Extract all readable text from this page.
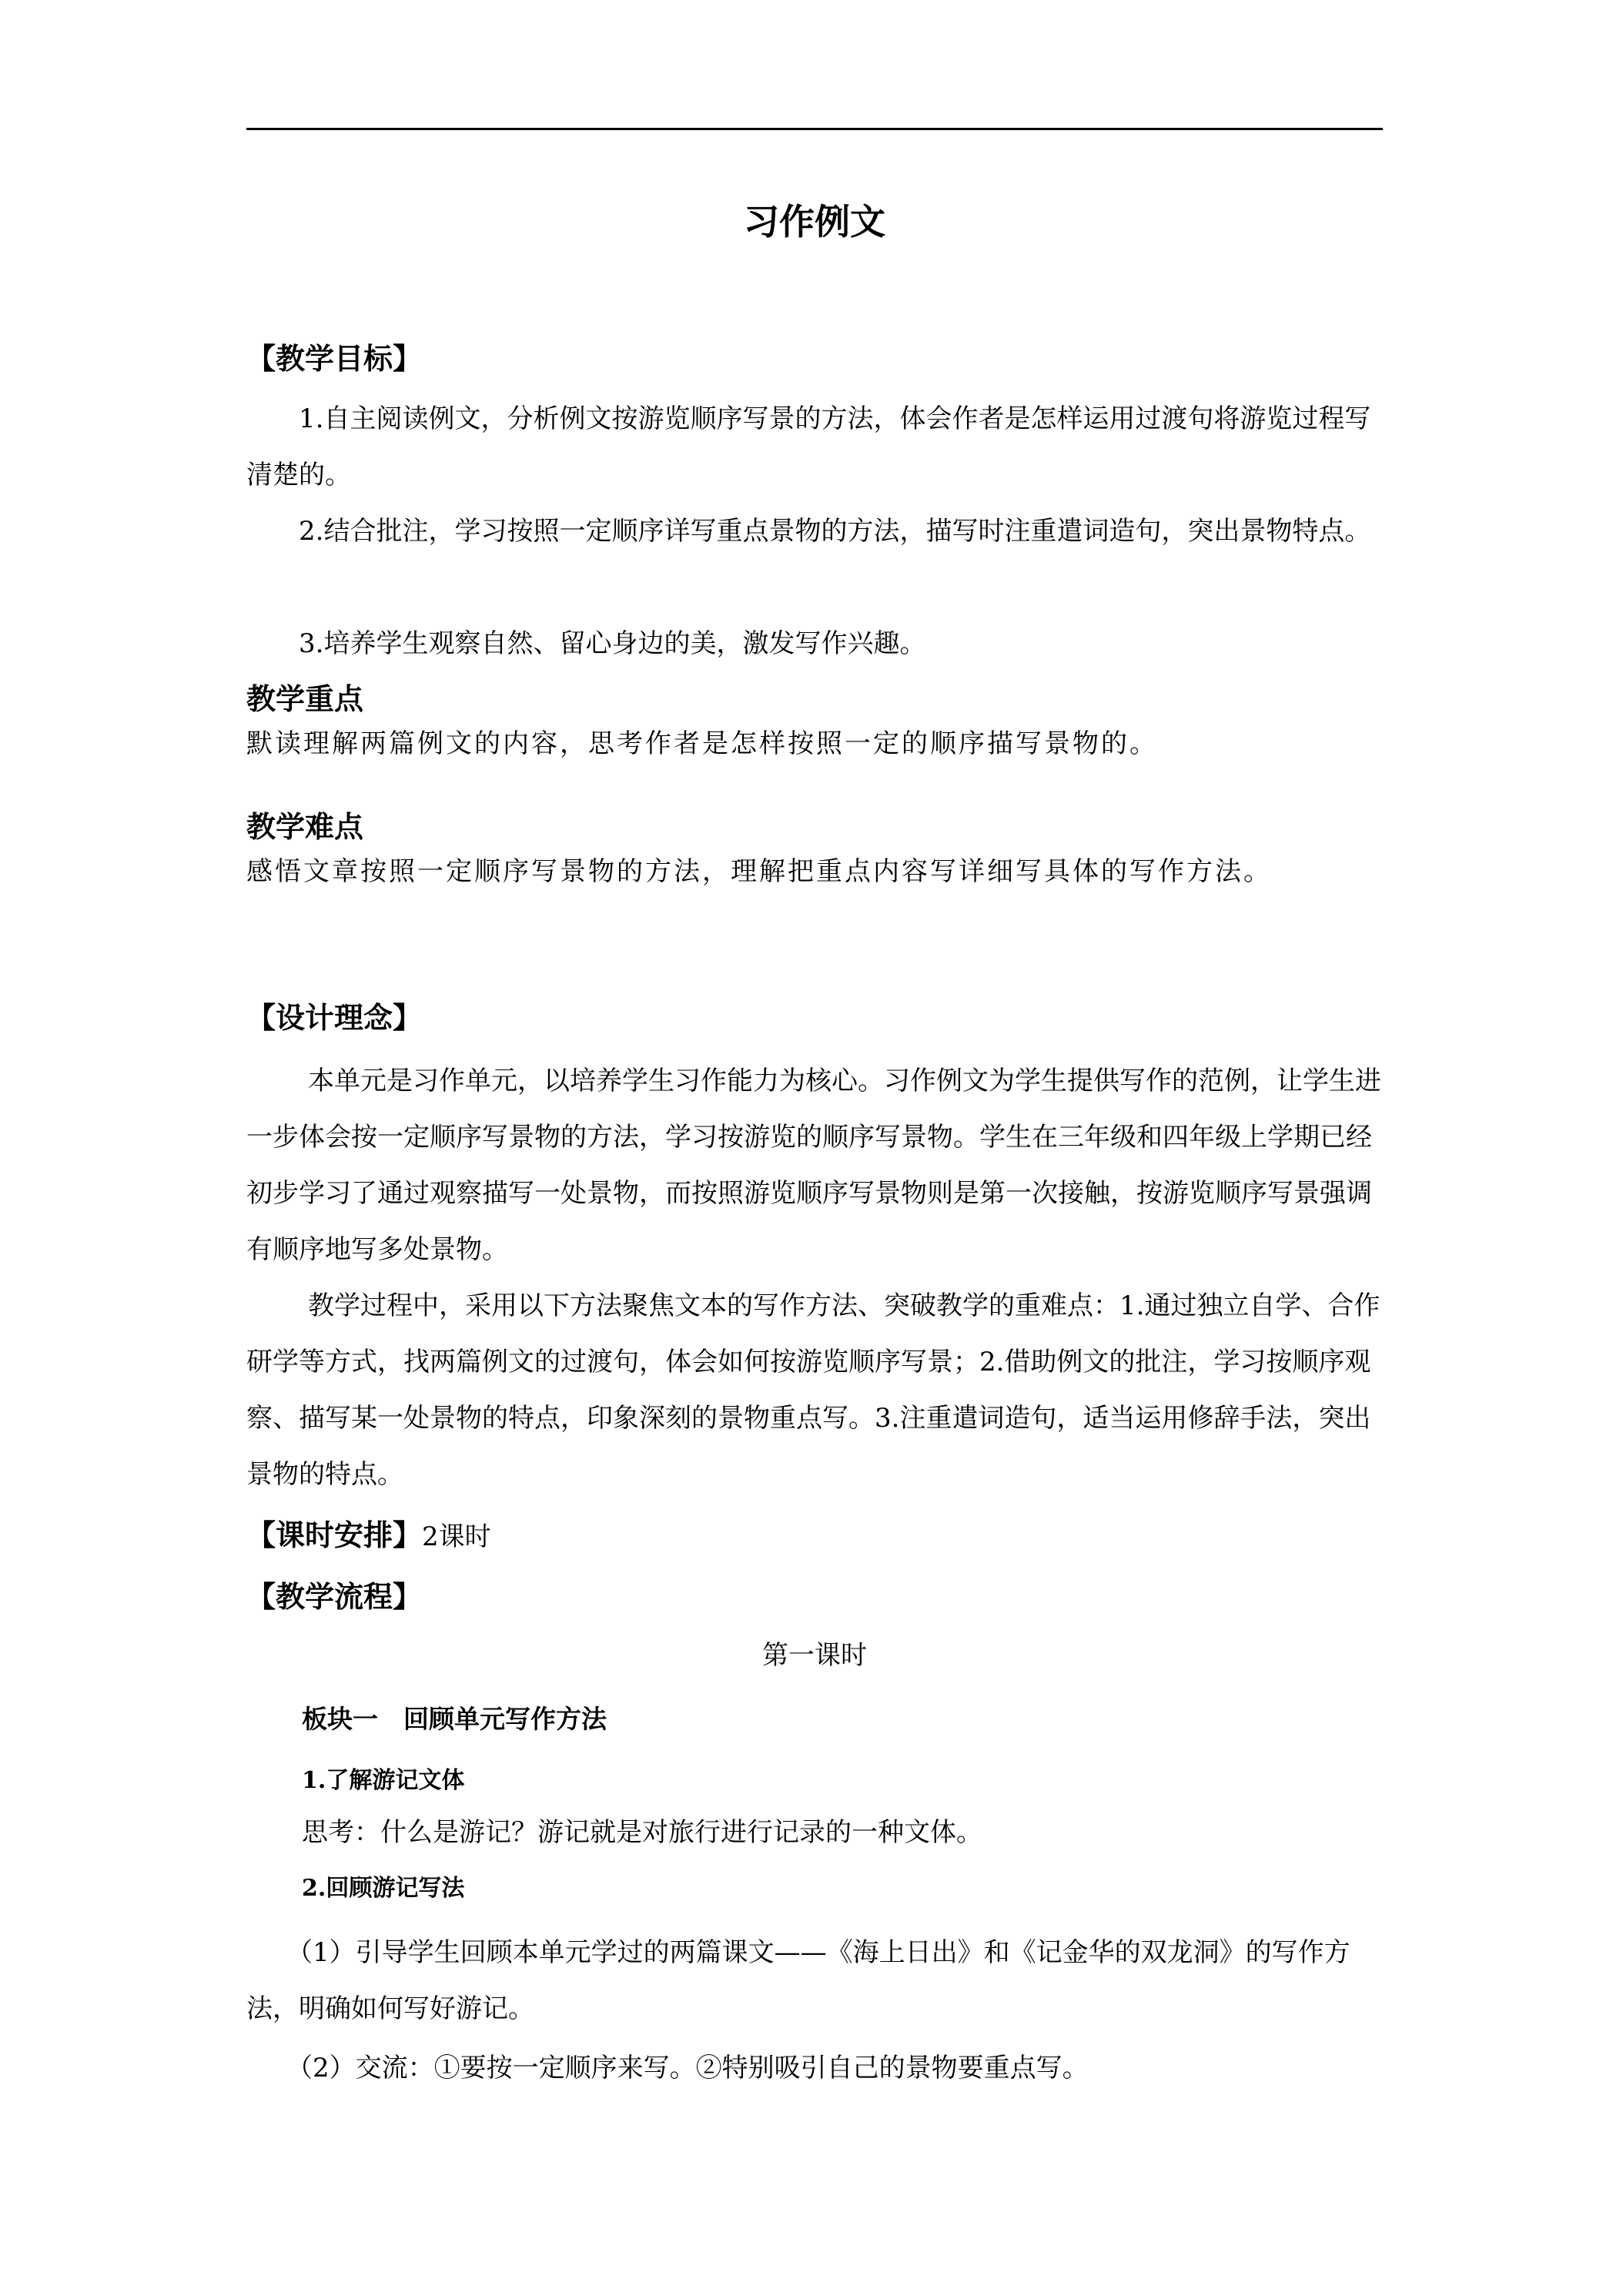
习作例文
【教学目标】

1.自主阅读例文，分析例文按游览顺序写景的方法，体会作者是怎样运用过渡句将游览过程写清楚的。

2.结合批注，学习按照一定顺序详写重点景物的方法，描写时注重遣词造句，突出景物特点。

3.培养学生观察自然、留心身边的美，激发写作兴趣。

教学重点

默读理解两篇例文的内容，思考作者是怎样按照一定的顺序描写景物的。

教学难点

感悟文章按照一定顺序写景物的方法，理解把重点内容写详细写具体的写作方法。

【设计理念】

本单元是习作单元，以培养学生习作能力为核心。习作例文为学生提供写作的范例，让学生进一步体会按一定顺序写景物的方法，学习按游览的顺序写景物。学生在三年级和四年级上学期已经初步学习了通过观察描写一处景物，而按照游览顺序写景物则是第一次接触，按游览顺序写景强调有顺序地写多处景物。

教学过程中，采用以下方法聚焦文本的写作方法、突破教学的重难点：1.通过独立自学、合作研学等方式，找两篇例文的过渡句，体会如何按游览顺序写景；2.借助例文的批注，学习按顺序观察、描写某一处景物的特点，印象深刻的景物重点写。3.注重遣词造句，适当运用修辞手法，突出景物的特点。

【课时安排】2课时
【教学流程】
第一课时
板块一　回顾单元写作方法
1.了解游记文体

思考：什么是游记？游记就是对旅行进行记录的一种文体。

2.回顾游记写法

（1）引导学生回顾本单元学过的两篇课文——《海上日出》和《记金华的双龙洞》的写作方法，明确如何写好游记。

（2）交流：①要按一定顺序来写。②特别吸引自己的景物要重点写。
